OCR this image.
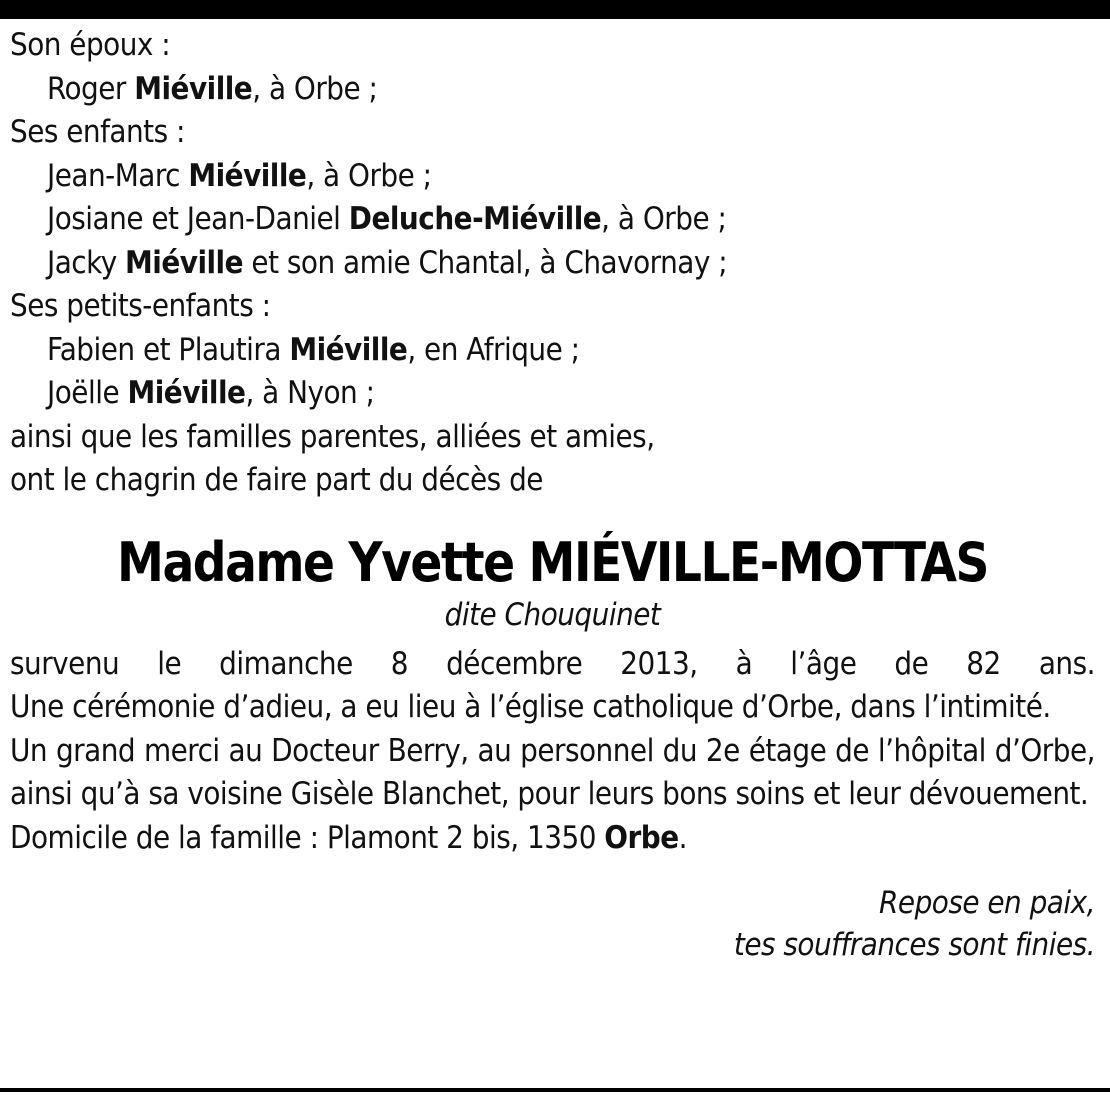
Son époux :
Roger Miéville, à Orbe ;
Ses enfants :
Jean-Marc Miéville, à Orbe ;
Josiane et Jean-Daniel Deluche-Miéville, à Orbe ;
Jacky Miéville et son amie Chantal, à Chavornay ;
Ses petits-enfants :
Fabien et Plautira Miéville, en Afrique ;
Joëlle Miéville, à Nyon ;
ainsi que les familles parentes, alliées et amies,
ont le chagrin de faire part du décès de
Madame Yvette MIÉVILLE-MOTTAS
dite Chouquinet
survenu le dimanche 8 décembre 2013, à l’âge de 82 ans.
Une cérémonie d’adieu, a eu lieu à l’église catholique d’Orbe, dans l’intimité.
Un grand merci au Docteur Berry, au personnel du 2e étage de l’hôpital d’Orbe, ainsi qu’à sa voisine Gisèle Blanchet, pour leurs bons soins et leur dévouement.
Domicile de la famille : Plamont 2 bis, 1350 Orbe.
Repose en paix,
tes souffrances sont finies.
